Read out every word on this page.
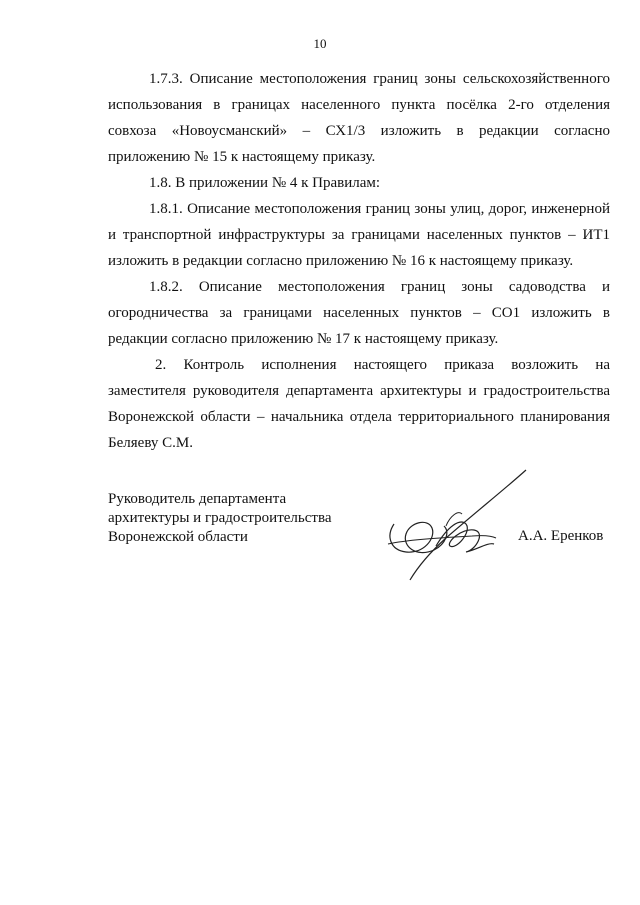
10

1.7.3. Описание местоположения границ зоны сельскохозяйственного использования в границах населенного пункта посёлка 2-го отделения совхоза «Новоусманский» – СХ1/3 изложить в редакции согласно приложению № 15 к настоящему приказу.

1.8. В приложении № 4 к Правилам:

1.8.1. Описание местоположения границ зоны улиц, дорог, инженерной и транспортной инфраструктуры за границами населенных пунктов – ИТ1 изложить в редакции согласно приложению № 16 к настоящему приказу.

1.8.2. Описание местоположения границ зоны садоводства и огородничества за границами населенных пунктов – СО1 изложить в редакции согласно приложению № 17 к настоящему приказу.

2. Контроль исполнения настоящего приказа возложить на заместителя руководителя департамента архитектуры и градостроительства Воронежской области – начальника отдела территориального планирования Беляеву С.М.

Руководитель департамента
архитектуры и градостроительства
Воронежской области	А.А. Еренков
